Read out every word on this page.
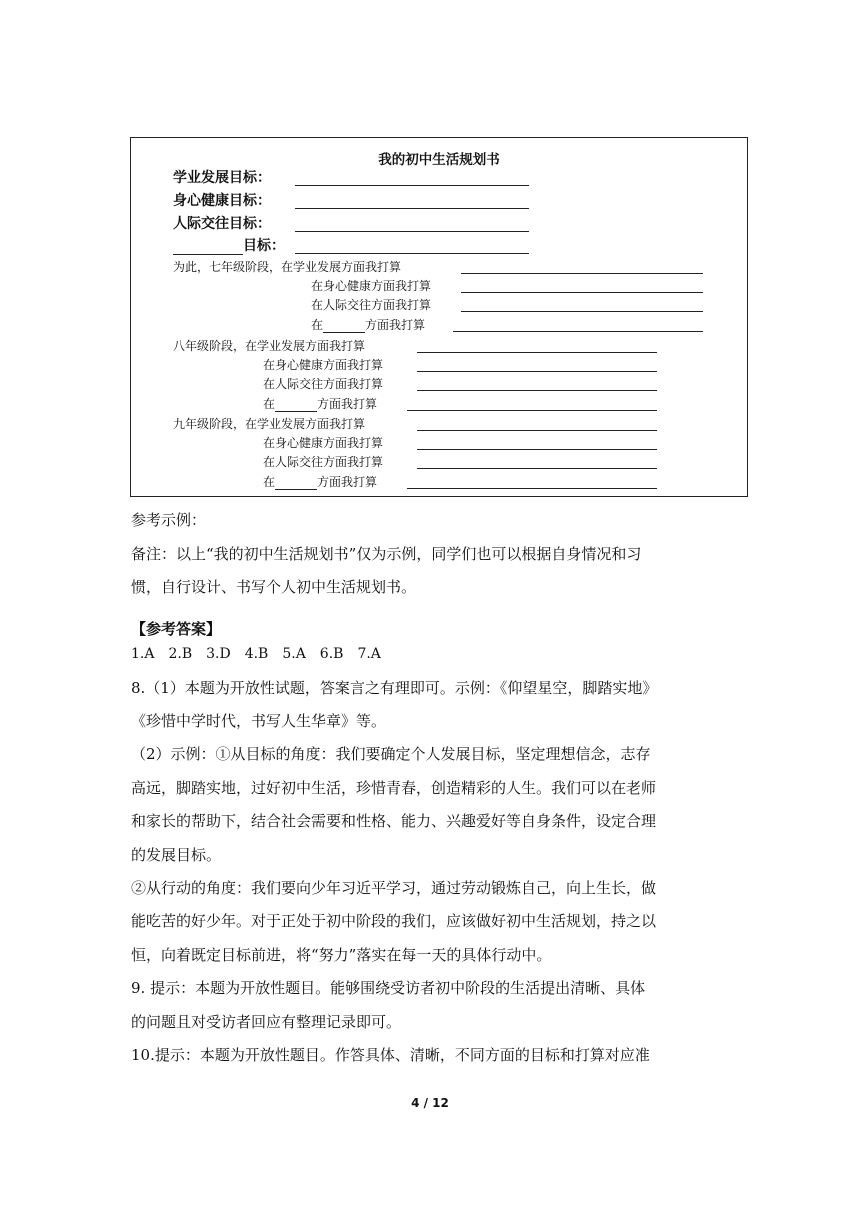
我的初中生活规划书
学业发展目标：
身心健康目标：
人际交往目标：
目标：
为此，七年级阶段，在学业发展方面我打算
在身心健康方面我打算
在人际交往方面我打算
在	方面我打算
八年级阶段，在学业发展方面我打算
在身心健康方面我打算
在人际交往方面我打算
在	方面我打算
九年级阶段，在学业发展方面我打算
在身心健康方面我打算
在人际交往方面我打算
在	方面我打算
参考示例：
备注：以上“我的初中生活规划书”仅为示例，同学们也可以根据自身情况和习
惯，自行设计、书写个人初中生活规划书。
【参考答案】
1.A　2.B　3.D　4.B　5.A　6.B　7.A
8.（1）本题为开放性试题，答案言之有理即可。示例：《仰望星空，脚踏实地》
《珍惜中学时代，书写人生华章》等。
（2）示例：①从目标的角度：我们要确定个人发展目标，坚定理想信念，志存
高远，脚踏实地，过好初中生活，珍惜青春，创造精彩的人生。我们可以在老师
和家长的帮助下，结合社会需要和性格、能力、兴趣爱好等自身条件，设定合理
的发展目标。
②从行动的角度：我们要向少年习近平学习，通过劳动锻炼自己，向上生长，做
能吃苦的好少年。对于正处于初中阶段的我们，应该做好初中生活规划，持之以
恒，向着既定目标前进，将“努力”落实在每一天的具体行动中。
9. 提示：本题为开放性题目。能够围绕受访者初中阶段的生活提出清晰、具体
的问题且对受访者回应有整理记录即可。
10.提示：本题为开放性题目。作答具体、清晰，不同方面的目标和打算对应准
4 / 12
